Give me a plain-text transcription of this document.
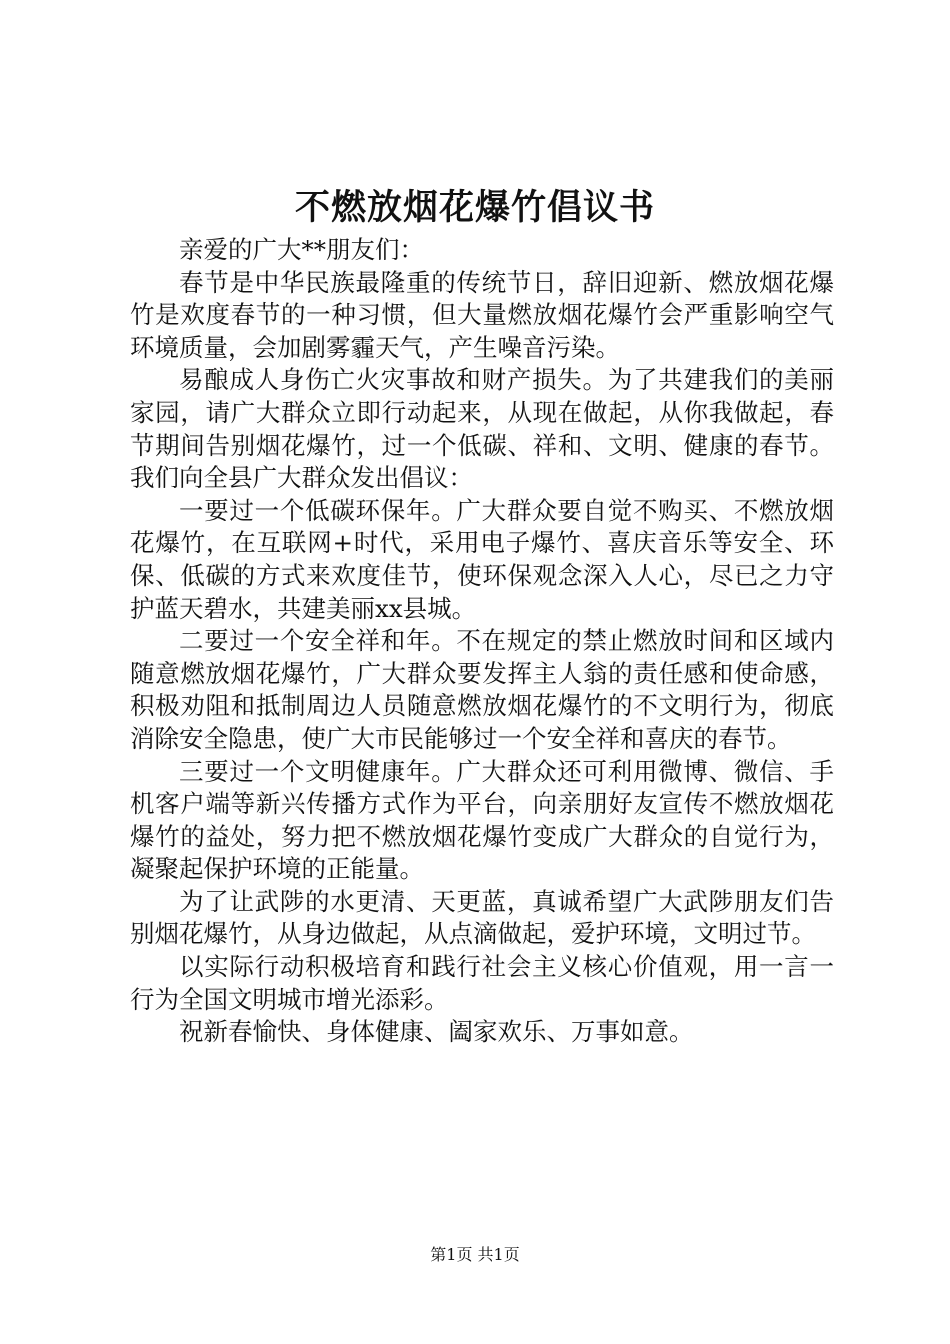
不燃放烟花爆竹倡议书

亲爱的广大**朋友们：

春节是中华民族最隆重的传统节日，辞旧迎新、燃放烟花爆竹是欢度春节的一种习惯，但大量燃放烟花爆竹会严重影响空气环境质量，会加剧雾霾天气，产生噪音污染。

易酿成人身伤亡火灾事故和财产损失。为了共建我们的美丽家园，请广大群众立即行动起来，从现在做起，从你我做起，春节期间告别烟花爆竹，过一个低碳、祥和、文明、健康的春节。我们向全县广大群众发出倡议：

一要过一个低碳环保年。广大群众要自觉不购买、不燃放烟花爆竹，在互联网+时代，采用电子爆竹、喜庆音乐等安全、环保、低碳的方式来欢度佳节，使环保观念深入人心，尽已之力守护蓝天碧水，共建美丽xx县城。

二要过一个安全祥和年。不在规定的禁止燃放时间和区域内随意燃放烟花爆竹，广大群众要发挥主人翁的责任感和使命感，积极劝阻和抵制周边人员随意燃放烟花爆竹的不文明行为，彻底消除安全隐患，使广大市民能够过一个安全祥和喜庆的春节。

三要过一个文明健康年。广大群众还可利用微博、微信、手机客户端等新兴传播方式作为平台，向亲朋好友宣传不燃放烟花爆竹的益处，努力把不燃放烟花爆竹变成广大群众的自觉行为，凝聚起保护环境的正能量。

为了让武陟的水更清、天更蓝，真诚希望广大武陟朋友们告别烟花爆竹，从身边做起，从点滴做起，爱护环境，文明过节。

以实际行动积极培育和践行社会主义核心价值观，用一言一行为全国文明城市增光添彩。

祝新春愉快、身体健康、阖家欢乐、万事如意。

第1页 共1页
